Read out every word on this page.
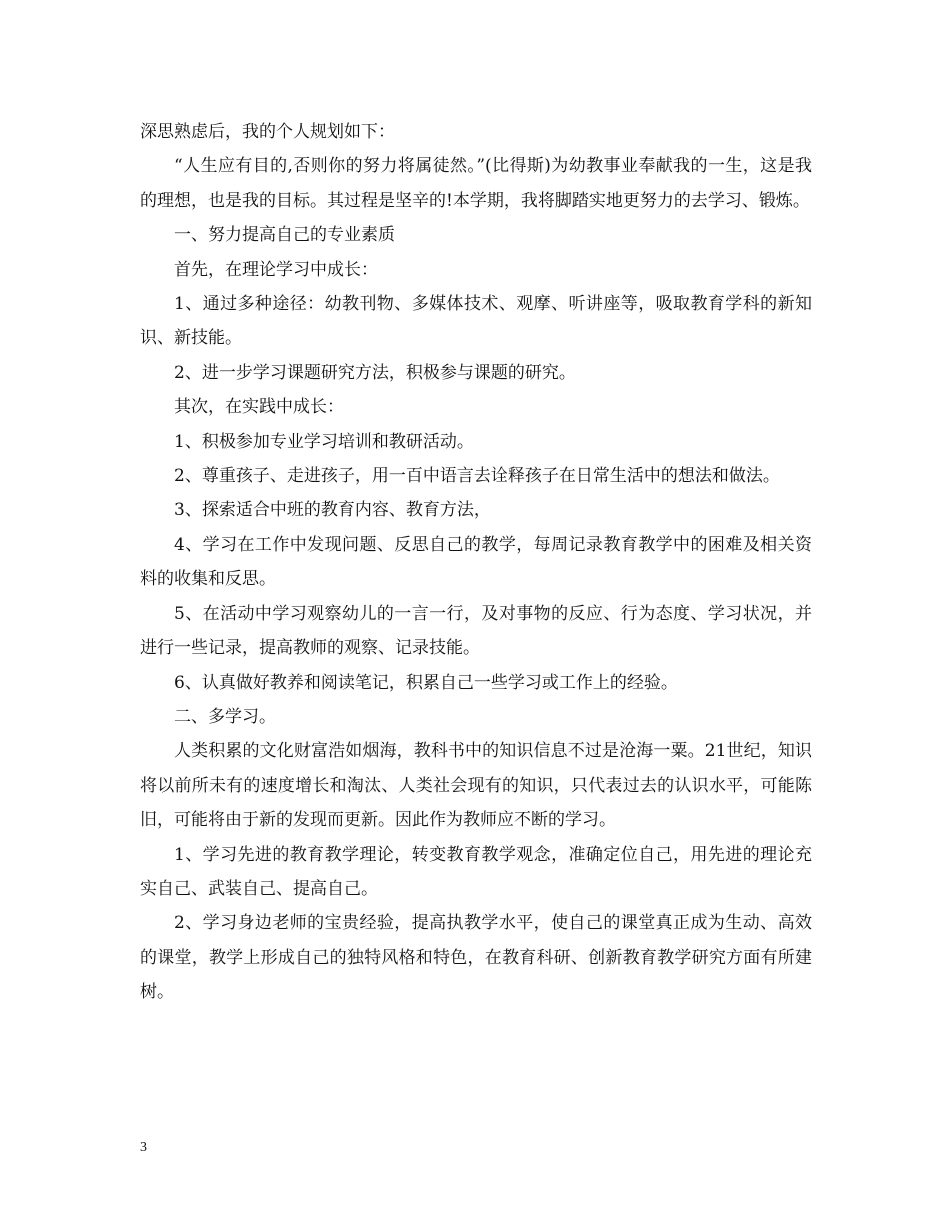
深思熟虑后，我的个人规划如下：

“人生应有目的,否则你的努力将属徒然。”(比得斯)为幼教事业奉献我的一生，这是我的理想，也是我的目标。其过程是坚辛的!本学期，我将脚踏实地更努力的去学习、锻炼。

一、努力提高自己的专业素质

首先，在理论学习中成长：

1、通过多种途径：幼教刊物、多媒体技术、观摩、听讲座等，吸取教育学科的新知识、新技能。

2、进一步学习课题研究方法，积极参与课题的研究。

其次，在实践中成长：

1、积极参加专业学习培训和教研活动。

2、尊重孩子、走进孩子，用一百中语言去诠释孩子在日常生活中的想法和做法。

3、探索适合中班的教育内容、教育方法，

4、学习在工作中发现问题、反思自己的教学，每周记录教育教学中的困难及相关资料的收集和反思。

5、在活动中学习观察幼儿的一言一行，及对事物的反应、行为态度、学习状况，并进行一些记录，提高教师的观察、记录技能。

6、认真做好教养和阅读笔记，积累自己一些学习或工作上的经验。

二、多学习。

人类积累的文化财富浩如烟海，教科书中的知识信息不过是沧海一粟。21世纪，知识将以前所未有的速度增长和淘汰、人类社会现有的知识，只代表过去的认识水平，可能陈旧，可能将由于新的发现而更新。因此作为教师应不断的学习。

1、学习先进的教育教学理论，转变教育教学观念，准确定位自己，用先进的理论充实自己、武装自己、提高自己。

2、学习身边老师的宝贵经验，提高执教学水平，使自己的课堂真正成为生动、高效的课堂，教学上形成自己的独特风格和特色，在教育科研、创新教育教学研究方面有所建树。

3
